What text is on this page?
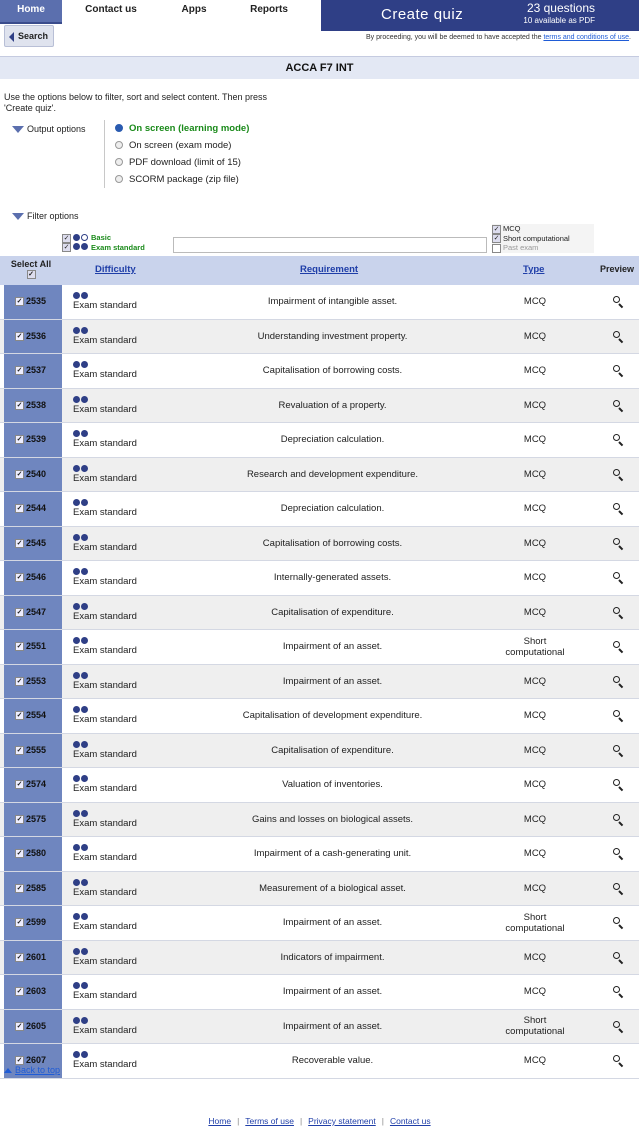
Home	Contact us	Apps	Reports	Create quiz	23 questions
10 available as PDF
Search	By proceeding, you will be deemed to have accepted the terms and conditions of use.
ACCA F7 INT
Use the options below to filter, sort and select content. Then press 'Create quiz'.
Output options	On screen (learning mode)
On screen (exam mode)
PDF download (limit of 15)
SCORM package (zip file)
Filter options
✓	Basic
✓	Exam standard
✓ MCQ
✓ Short computational
Past exam
Select All
✓	Difficulty	Requirement	Type	Preview
✓ 2535	Exam standard	Impairment of intangible asset.	MCQ
✓ 2536	Exam standard	Understanding investment property.	MCQ
✓ 2537	Exam standard	Capitalisation of borrowing costs.	MCQ
✓ 2538	Exam standard	Revaluation of a property.	MCQ
✓ 2539	Exam standard	Depreciation calculation.	MCQ
✓ 2540	Exam standard	Research and development expenditure.	MCQ
✓ 2544	Exam standard	Depreciation calculation.	MCQ
✓ 2545	Exam standard	Capitalisation of borrowing costs.	MCQ
✓ 2546	Exam standard	Internally-generated assets.	MCQ
✓ 2547	Exam standard	Capitalisation of expenditure.	MCQ
✓ 2551	Exam standard	Impairment of an asset.	Short computational
✓ 2553	Exam standard	Impairment of an asset.	MCQ
✓ 2554	Exam standard	Capitalisation of development expenditure.	MCQ
✓ 2555	Exam standard	Capitalisation of expenditure.	MCQ
✓ 2574	Exam standard	Valuation of inventories.	MCQ
✓ 2575	Exam standard	Gains and losses on biological assets.	MCQ
✓ 2580	Exam standard	Impairment of a cash-generating unit.	MCQ
✓ 2585	Exam standard	Measurement of a biological asset.	MCQ
✓ 2599	Exam standard	Impairment of an asset.	Short computational
✓ 2601	Exam standard	Indicators of impairment.	MCQ
✓ 2603	Exam standard	Impairment of an asset.	MCQ
✓ 2605	Exam standard	Impairment of an asset.	Short computational
✓ 2607	Exam standard	Recoverable value.	MCQ
Back to top
Home | Terms of use | Privacy statement | Contact us
